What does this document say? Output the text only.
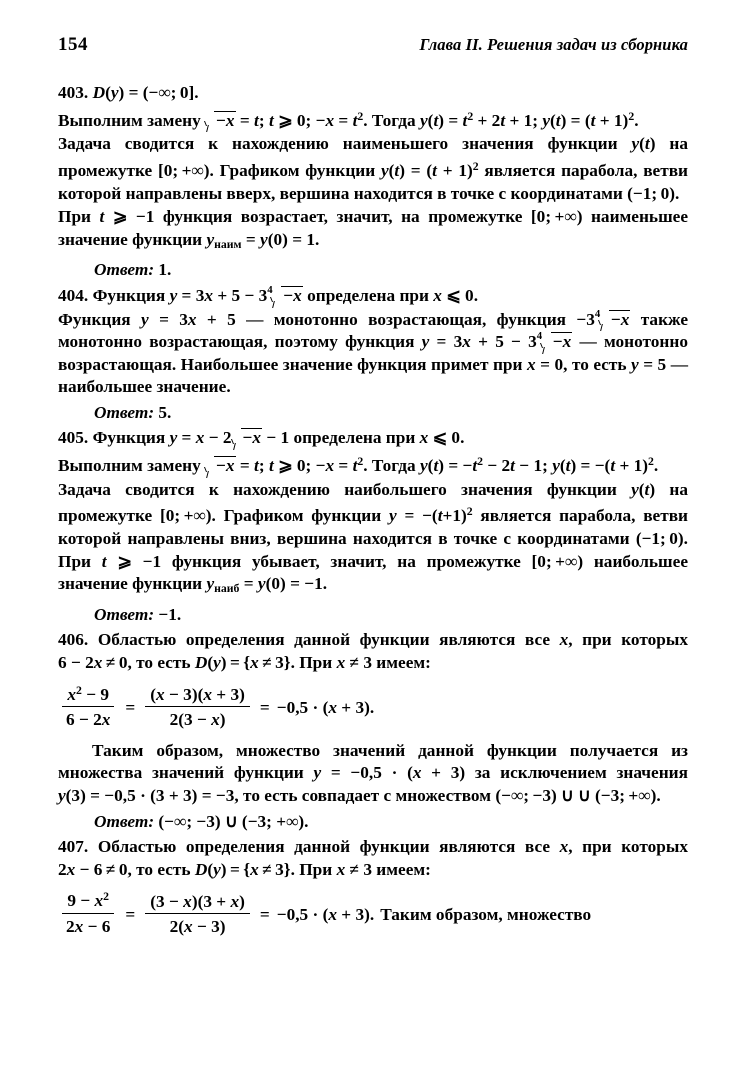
154	Глава II. Решения задач из сборника

403. D(y) = (−∞; 0].

Выполним замену −x = t; t ⩾ 0; $-x = t^2$. Тогда $y(t) = t^2 + 2t + 1$; $y(t) = (t + 1)^2$.

Задача сводится к нахождению наименьшего значения функции y(t) на промежутке [0; +∞). Графиком функции $y(t) = (t + 1)^2$ является парабола, ветви которой направлены вверх, вершина находится в точке с координатами (−1; 0).

При t ⩾ −1 функция возрастает, значит, на промежутке [0; +∞) наименьшее значение функции $y_{наим} = y(0) = 1$.

Ответ: 1.

404. Функция y = 3x + 5 − 3 4 −x определена при x ⩽ 0.

Функция y = 3x + 5 — монотонно возрастающая, функция −3 4 −x также монотонно возрастающая, поэтому функция y = 3x + 5 − 3 4 −x — монотонно возрастающая. Наибольшее значение функция примет при x = 0, то есть y = 5 — наибольшее значение.

Ответ: 5.

405. Функция y = x − 2 −x − 1 определена при x ⩽ 0.

Выполним замену −x = t; t ⩾ 0; $-x = t^2$. Тогда $y(t) = -t^2 - 2t - 1$; $y(t) = -(t + 1)^2$.

Задача сводится к нахождению наибольшего значения функции y(t) на промежутке [0; +∞). Графиком функции $y = -(t+1)^2$ является парабола, ветви которой направлены вниз, вершина находится в точке с координатами (−1; 0). При t ⩾ −1 функция убывает, значит, на промежутке [0; +∞) наибольшее значение функции $y_{наиб} = y(0) = -1$.

Ответ: −1.

406. Областью определения данной функции являются все x, при которых 6 − 2x ≠ 0, то есть D(y) = {x ≠ 3}. При x ≠ 3 имеем:

$\frac{x^2 - 9}{6 - 2x} = \frac{(x - 3)(x + 3)}{2(3 - x)} = -0,5 \cdot (x + 3)$.

Таким образом, множество значений данной функции получается из множества значений функции y = −0,5 · (x + 3) за исключением значения y(3) = −0,5 · (3 + 3) = −3, то есть совпадает с множеством (−∞; −3) ∪ ∪ (−3; +∞).

Ответ: (−∞; −3) ∪ (−3; +∞).

407. Областью определения данной функции являются все x, при которых 2x − 6 ≠ 0, то есть D(y) = {x ≠ 3}. При x ≠ 3 имеем:

$\frac{9 - x^2}{2x - 6} = \frac{(3 - x)(3 + x)}{2(x - 3)} = -0,5 \cdot (x + 3)$. Таким образом, множество
